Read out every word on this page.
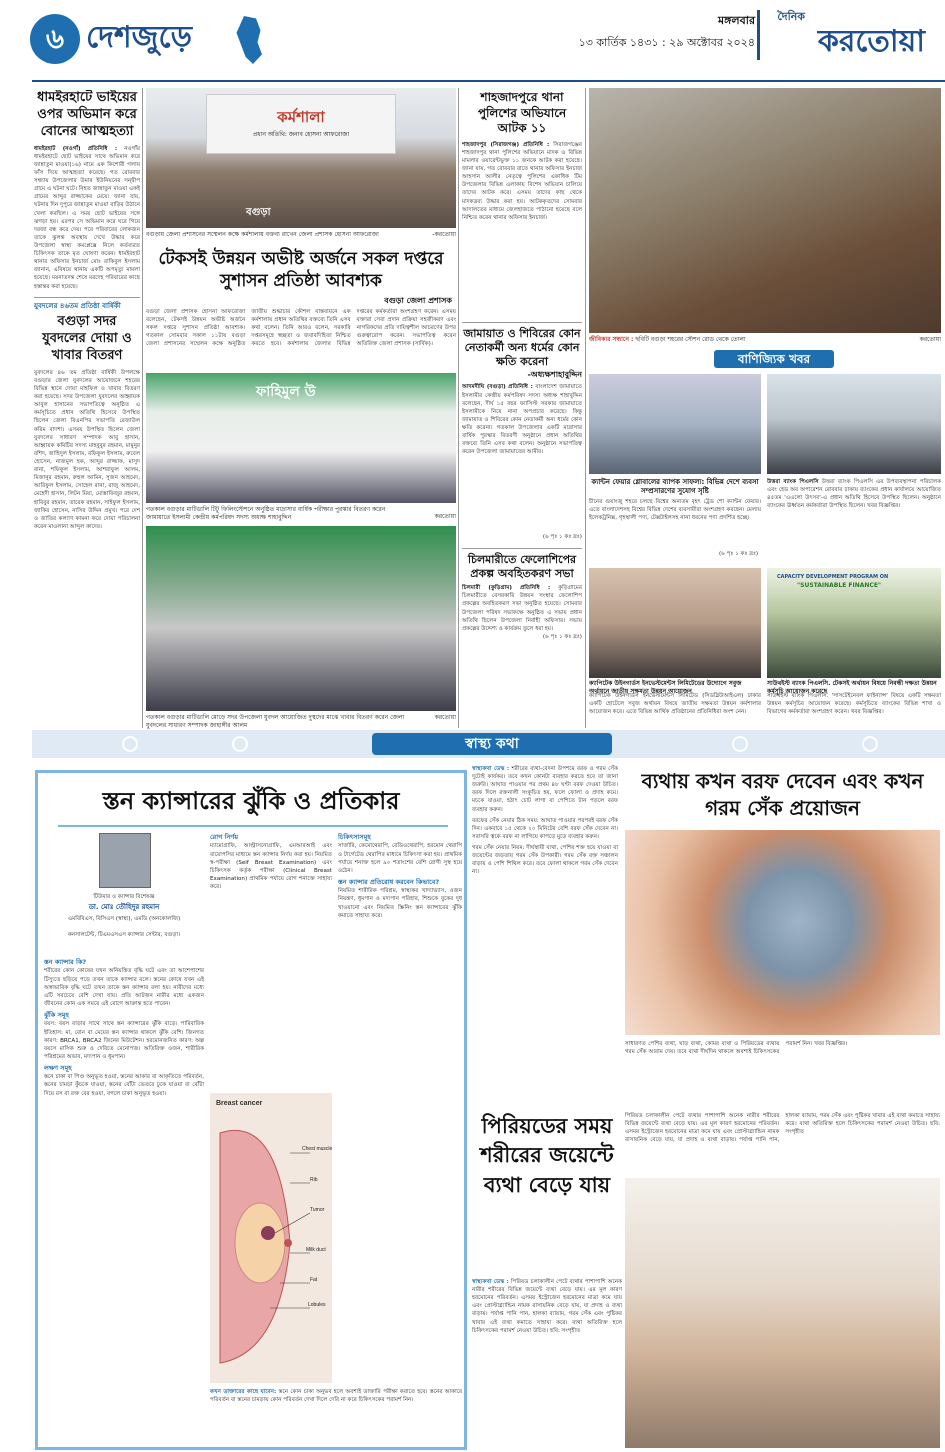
৬ দেশজুড়ে	মঙ্গলবার
১৩ কার্তিক ১৪৩১ : ২৯ অক্টোবর ২০২৪
দৈনিক
করতোয়া
ধামইরহাটে ভাইয়ের ওপর অভিমান করে বোনের আত্মহত্যা
ধামইরহাট (নওগাঁ) প্রতিনিধি : নওগাঁর ধামইরহাটে ছোট ভাইয়ের সাথে অভিমান করে জান্নাতুন মাওয়া(১৬) নামে এক কিশোরী গলায় ফাঁস দিয়ে আত্মহত্যা করেছে। গত রোববার সন্ধ্যায় উপজেলার উমার ইউনিয়নের সন্দ্বীপ গ্রামে এ ঘটনা ঘটে। নিহত জান্নাতুন মাওয়া একই গ্রামের আব্দুর রাজ্জাকের মেয়ে। জানা যায়, ঘটনার দিন দুপুরে জান্নাতুন মাওয়া বাড়ির উঠানে খেলা করছিল। এ সময় ছোট ভাইয়ের সঙ্গে ঝগড়া হয়। এরপর সে অভিমান করে ঘরে গিয়ে দরজা বন্ধ করে দেয়। পরে পরিবারের লোকজন তাকে ঝুলন্ত অবস্থায় দেখে উদ্ধার করে উপজেলা স্বাস্থ্য কমপ্লেক্সে নিলে কর্তব্যরত চিকিৎসক তাকে মৃত ঘোষণা করেন। ধামইরহাট থানার অফিসার ইনচার্জ মোঃ রাকিবুল ইসলাম জানান, এবিষয়ে থানায় একটি অপমৃত্যু মামলা হয়েছে। ময়নাতদন্ত শেষে মরদেহ পরিবারের কাছে হস্তান্তর করা হয়েছে।
যুবদলের ৪৬তম প্রতিষ্ঠা বার্ষিকী
বগুড়া সদর যুবদলের দোয়া ও খাবার বিতরণ
যুবদলের ৪৬ তম প্রতিষ্ঠা বার্ষিকী উপলক্ষে বগুড়ার জেলা যুবদলের আয়োজনে শহরের বিভিন্ন স্থানে দোয়া মাহফিল ও খাবার বিতরণ করা হয়েছে। সদর উপজেলা যুবদলের আহ্বায়ক আবুল হাসানের সভাপতিত্বে অনুষ্ঠিত এ কর্মসূচিতে প্রধান অতিথি হিসেবে উপস্থিত ছিলেন জেলা বিএনপির সভাপতি রেজাউল করিম বাদশা। এসময় উপস্থিত ছিলেন জেলা যুবদলের সাধারণ সম্পাদক আবু হাসান, আহ্বায়ক কমিটির সদস্য মাহবুবুর রহমান, মামুনুর রশিদ, জাহিদুল ইসলাম, রফিকুল ইসলাম, রুবেল হোসেন, নাজমুল হক, আব্দুর রাজ্জাক, মাসুদ রানা, শফিকুল ইসলাম, আশরাফুল আলম, মিজানুর রহমান, রুহুল আমিন, সুজন আহমেদ, আরিফুল ইসলাম, সোহেল রানা, রাজু আহমেদ, মেহেদী হাসান, লিটন মিয়া, মোস্তাফিজুর রহমান, হাবিবুর রহমান, তারেক রহমান, সাইফুল ইসলাম, জাকির হোসেন, নাসির উদ্দিন প্রমুখ। পরে দেশ ও জাতির কল্যাণ কামনা করে দোয়া পরিচালনা করেন মাওলানা আব্দুল কাদের।
কর্মশালা
প্রধান অতিথি: জনাব হোসনা আফরোজা
বগুড়া
বগুড়ায় জেলা প্রশাসনের সম্মেলন কক্ষে কর্মশালায় বক্তব্য রাখেন জেলা প্রশাসক হোসনা আফরোজা	-করতোয়া
টেকসই উন্নয়ন অভীষ্ট অর্জনে সকল দপ্তরে সুশাসন প্রতিষ্ঠা আবশ্যক
বগুড়া জেলা প্রশাসক
বগুড়া জেলা প্রশাসক হোসনা আফরোজা বলেছেন, টেকসই উন্নয়ন অভীষ্ট অর্জনে সকল দপ্তরে সুশাসন প্রতিষ্ঠা আবশ্যক। গতকাল সোমবার সকাল ১১টায় বগুড়া জেলা প্রশাসনের সম্মেলন কক্ষে অনুষ্ঠিত জাতীয় শুদ্ধাচার কৌশল বাস্তবায়নে এক কর্মশালায় প্রধান অতিথির বক্তব্যে তিনি এসব কথা বলেন। তিনি আরও বলেন, সরকারি দপ্তরসমূহে স্বচ্ছতা ও জবাবদিহিতা নিশ্চিত করতে হবে। কর্মশালায় জেলার বিভিন্ন দপ্তরের কর্মকর্তারা অংশগ্রহণ করেন। এসময় বক্তারা সেবা প্রদান প্রক্রিয়া সহজীকরণ এবং নাগরিকদের প্রতি দায়িত্বশীল আচরণের উপর গুরুত্বারোপ করেন। সভাপতিত্ব করেন অতিরিক্ত জেলা প্রশাসক (সার্বিক)।
ফাহিমুল উ
গতকাল বগুড়ার মাটিডালি টিটু ফিলিংস্টেশনে অনুষ্ঠিত মাদ্রাসার বার্ষিক পরীক্ষার পুরস্কার বিতরণ করেন জামায়াতে ইসলামী কেন্দ্রীয় কর্মপরিষদ সদস্য অধ্যক্ষ শাহাবুদ্দিন	করতোয়া
গতকাল বগুড়ার মাটিডালি মোড়ে সদর উপজেলা যুবদল আয়োজিত দুস্থদের মাঝে খাবার বিতরণ করেন জেলা যুবদলের সাধারণ সম্পাদক জাহাঙ্গীর আলম
করতোয়া
শাহজাদপুরে থানা পুলিশের অভিযানে আটক ১১
শাহজাদপুর (সিরাজগঞ্জ) প্রতিনিধি : সিরাজগঞ্জের শাহজাদপুর থানা পুলিশের অভিযানে মাদক ও বিভিন্ন মামলার ওয়ারেন্টভুক্ত ১১ জনকে আটক করা হয়েছে। জানা যায়, গত রোববার রাতে থানার অফিসার ইনচার্জ আহসান আলীর নেতৃত্বে পুলিশের একাধিক টিম উপজেলার বিভিন্ন এলাকায় বিশেষ অভিযান চালিয়ে তাদের আটক করে। এসময় তাদের কাছ থেকে মাদকদ্রব্য উদ্ধার করা হয়। আটককৃতদের সোমবার আদালতের মাধ্যমে জেলহাজতে পাঠানো হয়েছে বলে নিশ্চিত করেন থানার অফিসার ইনচার্জ।
জামায়াত ও শিবিরের কোন নেতাকর্মী অন্য ধর্মের কোন ক্ষতি করেনা
-অধ্যক্ষশাহাবুদ্দিন
আদমদীঘি (বগুড়া) প্রতিনিধি : বাংলাদেশ জামায়াতে ইসলামীর কেন্দ্রীয় কর্মপরিষদ সদস্য অধ্যক্ষ শাহাবুদ্দিন বলেছেন, দীর্ঘ ১৫ বছর ফ্যাসিস্ট সরকার জামায়াতে ইসলামীকে নিয়ে নানা অপপ্রচার করেছে। কিন্তু জামায়াত ও শিবিরের কোন নেতাকর্মী অন্য ধর্মের কোন ক্ষতি করেনা। গতকাল উপজেলার একটি মাদ্রাসার বার্ষিক পুরস্কার বিতরণী অনুষ্ঠানে প্রধান অতিথির বক্তব্যে তিনি এসব কথা বলেন। অনুষ্ঠানে সভাপতিত্ব করেন উপজেলা জামায়াতের আমীর।
(৬ পৃঃ ১ কঃ দ্রঃ)
চিলমারীতে ফেলোশিপের প্রকল্প অবহিতকরণ সভা
চিলমারী (কুড়িগ্রাম) প্রতিনিধি : কুড়িগ্রামের চিলমারীতে বেসরকারি উন্নয়ন সংস্থার ফেলোশিপ প্রকল্পের অবহিতকরণ সভা অনুষ্ঠিত হয়েছে। সোমবার উপজেলা পরিষদ সভাকক্ষে অনুষ্ঠিত এ সভায় প্রধান অতিথি ছিলেন উপজেলা নির্বাহী অফিসার। সভায় প্রকল্পের উদ্দেশ্য ও কার্যক্রম তুলে ধরা হয়।
(৬ পৃঃ ১ কঃ দ্রঃ)
জীবিকার সন্ধানে : ছবিটি বগুড়া শহরের স্টেশন রোড থেকে তোলা	করতোয়া
বাণিজ্যিক খবর
ক্যান্টন ফেয়ার গ্লোবালের ব্যাপক সাফল্য: বিভিন্ন দেশে ব্যবসা সম্প্রসারণের সুযোগ সৃষ্টি
চীনের গুয়াংজু শহরে চলছে বিশ্বের অন্যতম বৃহৎ ট্রেড শো ক্যান্টন ফেয়ার। এতে বাংলাদেশসহ বিশ্বের বিভিন্ন দেশের ব্যবসায়ীরা অংশগ্রহণ করছেন। মেলায় ইলেকট্রনিক্স, গৃহস্থালী পণ্য, টেক্সটাইলসহ নানা ধরনের পণ্য প্রদর্শিত হচ্ছে।
(৬ পৃঃ ১ কঃ দ্রঃ)
উত্তরা ব্যাংক পিএলসি উত্তরা ব্যাংক পিএলসি এর উপব্যবস্থাপনা পরিচালক এবং হেড অব অপারেশন রোববার ঢাকায় ব্যাংকের প্রধান কার্যালয়ে আয়োজিত ৪৫তম 'এএলো উৎসব'-এ প্রধান অতিথি হিসেবে উপস্থিত ছিলেন। অনুষ্ঠানে ব্যাংকের ঊর্ধ্বতন কর্মকর্তারা উপস্থিত ছিলেন। খবর বিজ্ঞপ্তির।
ক্যাপিটেক উইনগার্ডস ইনভেস্টমেন্টস লিমিটেডের উদ্যোগে সবুজ অর্থায়নে জাতীয় সক্ষমতা উন্নয়ন আয়োজন
ক্যাপিটেক উইনগার্ডস ইনভেস্টমেন্টস লিমিটেড (সিডব্লিউআইএল) ঢাকার একটি হোটেলে সবুজ অর্থায়ন বিষয়ে জাতীয় সক্ষমতা উন্নয়ন কর্মশালার আয়োজন করে। এতে বিভিন্ন আর্থিক প্রতিষ্ঠানের প্রতিনিধিরা অংশ নেন।
CAPACITY DEVELOPMENT PROGRAM ON
"SUSTAINABLE FINANCE"
সাউথইস্ট ব্যাংক পিএলসি. টেকসই অর্থায়ন বিষয়ে নিবন্ধী দক্ষতা উন্নয়ন কর্মসূচি আয়োজন করেছে
সাউথইস্ট ব্যাংক পিএলসি. 'সাসটেইনেবল ফাইন্যান্স' বিষয়ে একটি সক্ষমতা উন্নয়ন কর্মসূচির আয়োজন করেছে। কর্মসূচিতে ব্যাংকের বিভিন্ন শাখা ও বিভাগের কর্মকর্তারা অংশগ্রহণ করেন। খবর বিজ্ঞপ্তির।
স্বাস্থ্য কথা
স্তন ক্যান্সারের ঝুঁকি ও প্রতিকার
টিউমার ও ক্যান্সার বিশেষজ্ঞ
ডা. মোঃ তৌহিদুর রহমান
এমবিবিএস, বিসিএস (স্বাস্থ্য), এমডি (অনকোলজি)
কনসালটেন্ট, টিএমএসএস ক্যান্সার সেন্টার, বগুড়া।
স্তন ক্যান্সার কি?
শরীরের কোন কোষের যখন অনিয়ন্ত্রিত বৃদ্ধি ঘটে এবং তা আশেপাশের টিস্যুতে ছড়িয়ে পড়ে তখন তাকে ক্যান্সার বলে। স্তনের কোষে যখন এই অস্বাভাবিক বৃদ্ধি ঘটে তখন তাকে স্তন ক্যান্সার বলা হয়। নারীদের মধ্যে এটি সবচেয়ে বেশি দেখা যায়। প্রতি আটজন নারীর মধ্যে একজন জীবনের কোন এক সময়ে এই রোগে আক্রান্ত হতে পারেন।
ঝুঁকি সমূহ
বয়স: বয়স বাড়ার সাথে সাথে স্তন ক্যান্সারের ঝুঁকি বাড়ে। পারিবারিক ইতিহাস: মা, বোন বা মেয়ের স্তন ক্যান্সার থাকলে ঝুঁকি বেশি। জিনগত কারণ: BRCA1, BRCA2 জিনের মিউটেশন। হরমোনজনিত কারণ: অল্প বয়সে মাসিক শুরু ও দেরিতে মেনোপজ। অতিরিক্ত ওজন, শারীরিক পরিশ্রমের অভাব, মদ্যপান ও ধূমপান।
লক্ষণ সমূহ
স্তনে চাকা বা পিণ্ড অনুভূত হওয়া, স্তনের আকার বা আকৃতিতে পরিবর্তন, স্তনের চামড়া কুঁচকে যাওয়া, স্তনের বোঁটা ভেতরে ঢুকে যাওয়া বা বোঁটা দিয়ে রস বা রক্ত বের হওয়া, বগলে চাকা অনুভূত হওয়া।
রোগ নির্ণয়
ম্যামোগ্রাফি, আল্ট্রাসনোগ্রাফি, এমআরআই এবং বায়োপসির মাধ্যমে স্তন ক্যান্সার নির্ণয় করা হয়। নিয়মিত স্ব-পরীক্ষা (Self Breast Examination) এবং চিকিৎসক কর্তৃক পরীক্ষা (Clinical Breast Examination) প্রাথমিক পর্যায়ে রোগ শনাক্তে সাহায্য করে।
চিকিৎসাসমূহ
সার্জারি, কেমোথেরাপি, রেডিওথেরাপি, হরমোন থেরাপি ও টার্গেটেড থেরাপির মাধ্যমে চিকিৎসা করা হয়। প্রাথমিক পর্যায়ে শনাক্ত হলে ৯০ শতাংশের বেশি রোগী সুস্থ হয়ে ওঠেন।
স্তন ক্যান্সার প্রতিরোধ করবেন কিভাবে?
নিয়মিত শারীরিক পরিশ্রম, স্বাস্থ্যকর খাদ্যাভ্যাস, ওজন নিয়ন্ত্রণ, ধূমপান ও মদ্যপান পরিহার, শিশুকে বুকের দুধ খাওয়ানো এবং নিয়মিত স্ক্রিনিং স্তন ক্যান্সারের ঝুঁকি কমাতে সাহায্য করে।
Breast cancer
Chest muscles
Rib
Tumor
Milk duct
Fat
Lobules
কখন ডাক্তারের কাছে যাবেন: স্তনে কোন চাকা অনুভব হলে অবশ্যই ডাক্তারি পরীক্ষা করাতে হবে। স্তনের আকারে পরিবর্তন বা স্তনের চামড়ায় কোন পরিবর্তন দেখা দিলে দেরি না করে চিকিৎসকের পরামর্শ নিন।
স্বাস্থ্যকথা ডেস্ক : শরীরের ব্যথা-বেদনা উপশমে বরফ ও গরম সেঁক দুটোই কার্যকর। তবে কখন কোনটা ব্যবহার করতে হবে তা জানা জরুরি। আঘাত পাওয়ার পর প্রথম ৪৮ ঘণ্টা বরফ দেওয়া উচিত। বরফ দিলে রক্তনালী সংকুচিত হয়, ফলে ফোলা ও প্রদাহ কমে। মচকে যাওয়া, হঠাৎ চোট লাগা বা পেশিতে টান পড়লে বরফ ব্যবহার করুন।
বরফের সেঁক নেয়ার ঠিক সময়: আঘাত পাওয়ার পরপরই বরফ সেঁক দিন। একবারে ১৫ থেকে ২০ মিনিটের বেশি বরফ সেঁক দেবেন না। সরাসরি ত্বকে বরফ না লাগিয়ে কাপড়ে মুড়ে ব্যবহার করুন।
গরম সেঁক নেয়ার নিয়ম: দীর্ঘস্থায়ী ব্যথা, পেশির শক্ত হয়ে যাওয়া বা জয়েন্টের জড়তায় গরম সেঁক উপকারী। গরম সেঁক রক্ত সঞ্চালন বাড়ায় ও পেশি শিথিল করে। তবে ফোলা থাকলে গরম সেঁক দেবেন না।
ব্যথায় কখন বরফ দেবেন এবং কখন গরম সেঁক প্রয়োজন
সাধারণত পেশির ব্যথা, ঘাড় ব্যথা, কোমর ব্যথা ও পিরিয়ডের ব্যথায় গরম সেঁক আরাম দেয়। তবে ব্যথা দীর্ঘদিন থাকলে অবশ্যই চিকিৎসকের পরামর্শ নিন। খবর বিজ্ঞপ্তির।
পিরিয়ডের সময় শরীরের জয়েন্টে ব্যথা বেড়ে যায়
পিরিয়ড চলাকালীন পেটে ব্যথার পাশাপাশি অনেক নারীর শরীরের বিভিন্ন জয়েন্টে ব্যথা বেড়ে যায়। এর মূল কারণ হরমোনের পরিবর্তন। এসময় ইস্ট্রোজেন হরমোনের মাত্রা কমে যায় এবং প্রোস্টাগ্ল্যান্ডিন নামক রাসায়নিক বেড়ে যায়, যা প্রদাহ ও ব্যথা বাড়ায়। পর্যাপ্ত পানি পান, হালকা ব্যায়াম, গরম সেঁক এবং পুষ্টিকর খাবার এই ব্যথা কমাতে সাহায্য করে। ব্যথা অতিরিক্ত হলে চিকিৎসকের পরামর্শ নেওয়া উচিত। ছবি: সংগৃহীত
স্বাস্থ্যকথা ডেস্ক : পিরিয়ড চলাকালীন পেটে ব্যথার পাশাপাশি অনেক নারীর শরীরের বিভিন্ন জয়েন্টে ব্যথা বেড়ে যায়। এর মূল কারণ হরমোনের পরিবর্তন। এসময় ইস্ট্রোজেন হরমোনের মাত্রা কমে যায় এবং প্রোস্টাগ্ল্যান্ডিন নামক রাসায়নিক বেড়ে যায়, যা প্রদাহ ও ব্যথা বাড়ায়। পর্যাপ্ত পানি পান, হালকা ব্যায়াম, গরম সেঁক এবং পুষ্টিকর খাবার এই ব্যথা কমাতে সাহায্য করে। ব্যথা অতিরিক্ত হলে চিকিৎসকের পরামর্শ নেওয়া উচিত। ছবি: সংগৃহীত
